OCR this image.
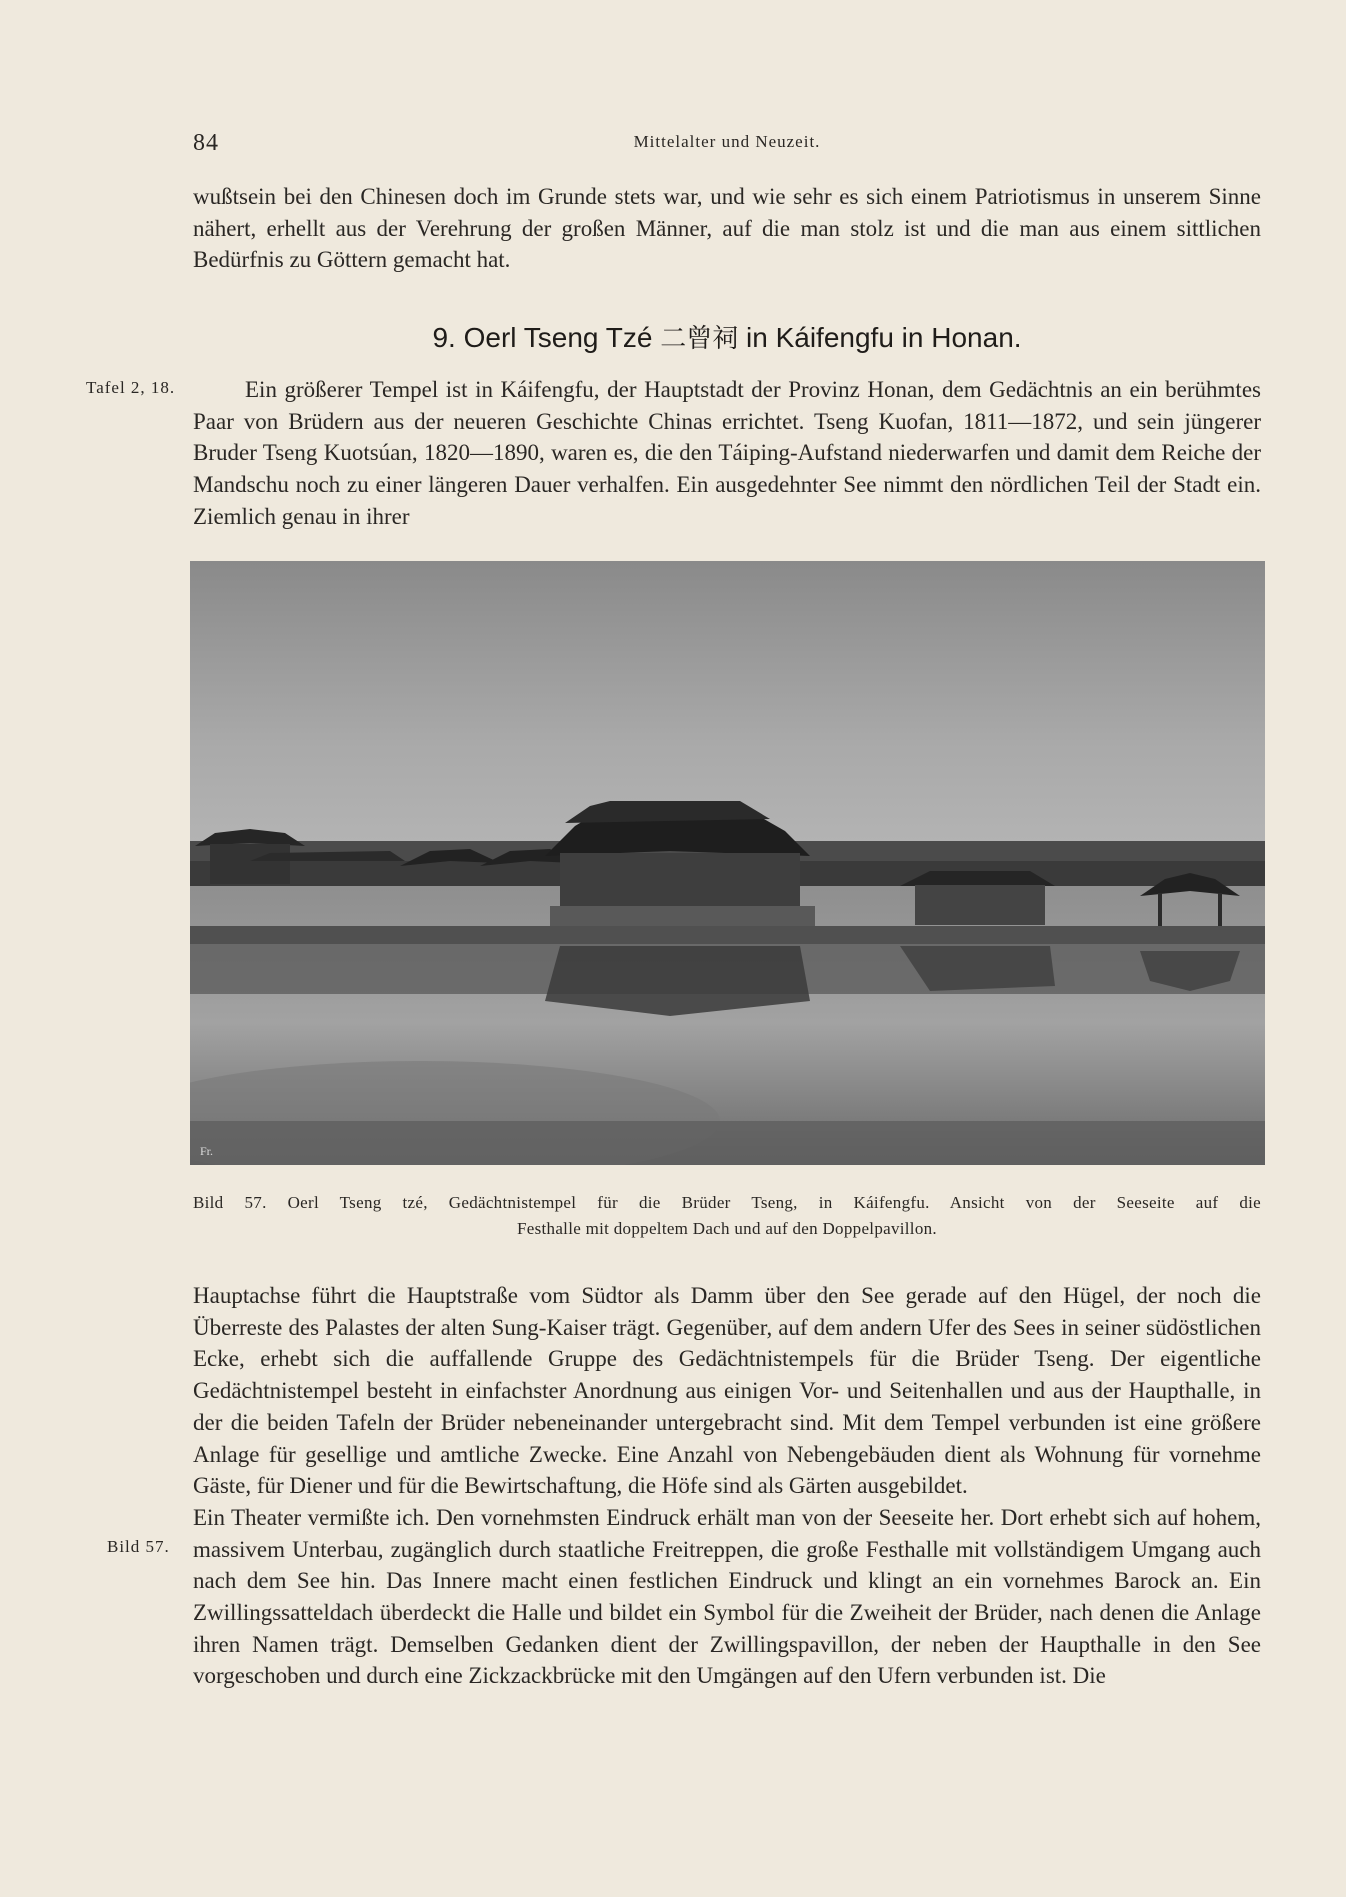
84	Mittelalter und Neuzeit.

wußtsein bei den Chinesen doch im Grunde stets war, und wie sehr es sich einem Patriotismus in unserem Sinne nähert, erhellt aus der Verehrung der großen Männer, auf die man stolz ist und die man aus einem sittlichen Bedürfnis zu Göttern gemacht hat.

9. Oerl Tseng Tzé 二曾祠 in Káifengfu in Honan.
Tafel 2, 18.	Ein größerer Tempel ist in Káifengfu, der Hauptstadt der Provinz Honan, dem Gedächtnis an ein berühmtes Paar von Brüdern aus der neueren Geschichte Chinas errichtet. Tseng Kuofan, 1811—1872, und sein jüngerer Bruder Tseng Kuotsúan, 1820—1890, waren es, die den Táiping-Aufstand niederwarfen und damit dem Reiche der Mandschu noch zu einer längeren Dauer verhalfen. Ein ausgedehnter See nimmt den nördlichen Teil der Stadt ein. Ziemlich genau in ihrer

Fr.
Bild 57. Oerl Tseng tzé, Gedächtnistempel für die Brüder Tseng, in Káifengfu. Ansicht von der Seeseite auf die
Festhalle mit doppeltem Dach und auf den Doppelpavillon.
Bild 57.

Hauptachse führt die Hauptstraße vom Südtor als Damm über den See gerade auf den Hügel, der noch die Überreste des Palastes der alten Sung-Kaiser trägt. Gegenüber, auf dem andern Ufer des Sees in seiner südöstlichen Ecke, erhebt sich die auffallende Gruppe des Gedächtnistempels für die Brüder Tseng. Der eigentliche Gedächtnistempel besteht in einfachster Anordnung aus einigen Vor- und Seitenhallen und aus der Haupthalle, in der die beiden Tafeln der Brüder nebeneinander untergebracht sind. Mit dem Tempel verbunden ist eine größere Anlage für gesellige und amtliche Zwecke. Eine Anzahl von Nebengebäuden dient als Wohnung für vornehme Gäste, für Diener und für die Bewirtschaftung, die Höfe sind als Gärten ausgebildet.

Ein Theater vermißte ich. Den vornehmsten Eindruck erhält man von der Seeseite her. Dort erhebt sich auf hohem, massivem Unterbau, zugänglich durch staatliche Freitreppen, die große Festhalle mit vollständigem Umgang auch nach dem See hin. Das Innere macht einen festlichen Eindruck und klingt an ein vornehmes Barock an. Ein Zwillingssatteldach überdeckt die Halle und bildet ein Symbol für die Zweiheit der Brüder, nach denen die Anlage ihren Namen trägt. Demselben Gedanken dient der Zwillingspavillon, der neben der Haupthalle in den See vorgeschoben und durch eine Zickzackbrücke mit den Umgängen auf den Ufern verbunden ist. Die
